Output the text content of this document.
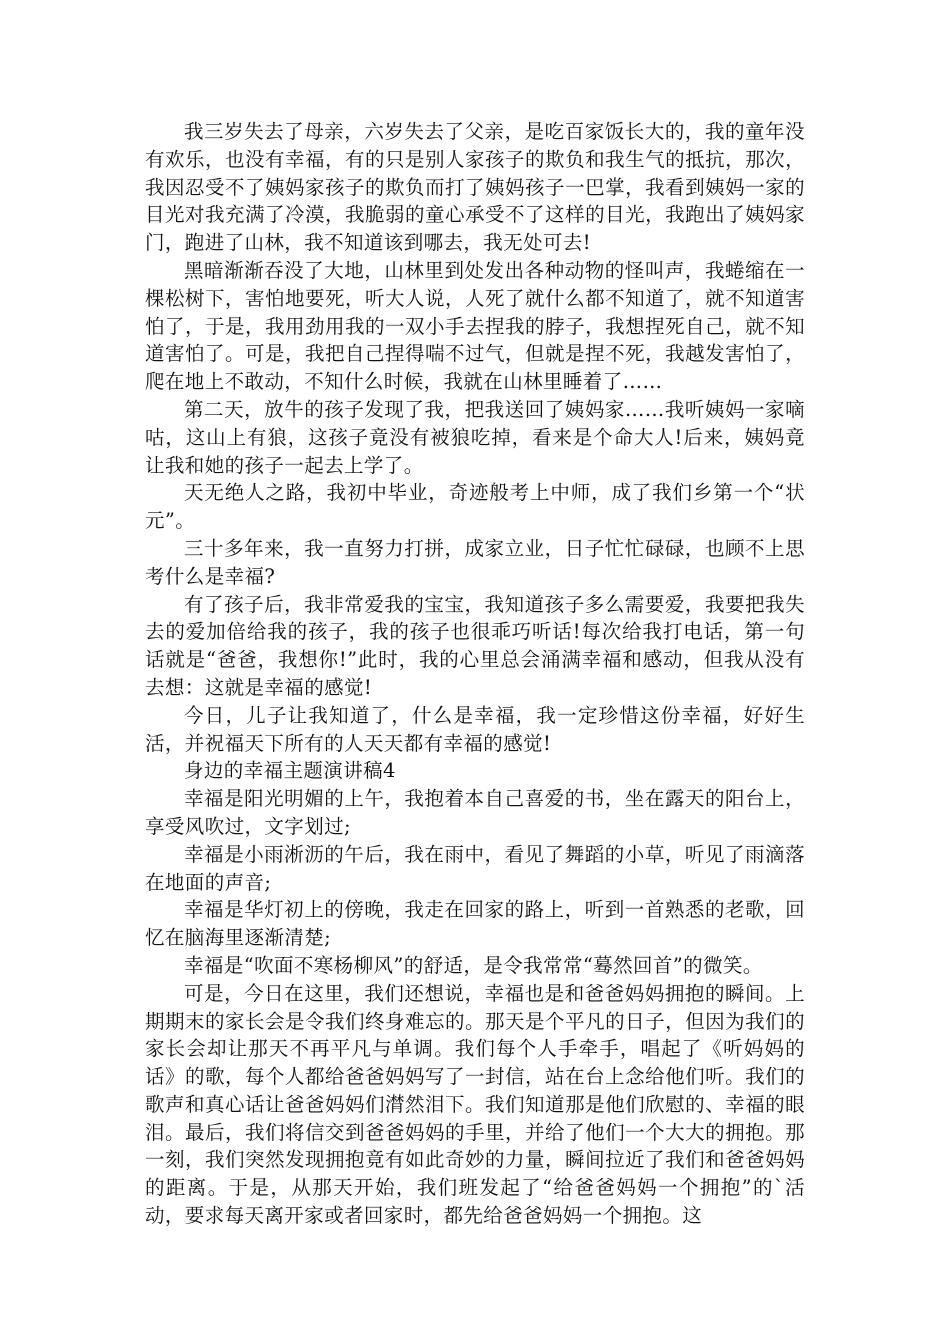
我三岁失去了母亲，六岁失去了父亲，是吃百家饭长大的，我的童年没有欢乐，也没有幸福，有的只是别人家孩子的欺负和我生气的抵抗，那次，我因忍受不了姨妈家孩子的欺负而打了姨妈孩子一巴掌，我看到姨妈一家的目光对我充满了冷漠，我脆弱的童心承受不了这样的目光，我跑出了姨妈家门，跑进了山林，我不知道该到哪去，我无处可去!

黑暗渐渐吞没了大地，山林里到处发出各种动物的怪叫声，我蜷缩在一棵松树下，害怕地要死，听大人说，人死了就什么都不知道了，就不知道害怕了，于是，我用劲用我的一双小手去捏我的脖子，我想捏死自己，就不知道害怕了。可是，我把自己捏得喘不过气，但就是捏不死，我越发害怕了，爬在地上不敢动，不知什么时候，我就在山林里睡着了……

第二天，放牛的孩子发现了我，把我送回了姨妈家……我听姨妈一家嘀咕，这山上有狼，这孩子竟没有被狼吃掉，看来是个命大人!后来，姨妈竟让我和她的孩子一起去上学了。

天无绝人之路，我初中毕业，奇迹般考上中师，成了我们乡第一个“状元”。

三十多年来，我一直努力打拼，成家立业，日子忙忙碌碌，也顾不上思考什么是幸福?

有了孩子后，我非常爱我的宝宝，我知道孩子多么需要爱，我要把我失去的爱加倍给我的孩子，我的孩子也很乖巧听话!每次给我打电话，第一句话就是“爸爸，我想你!”此时，我的心里总会涌满幸福和感动，但我从没有去想：这就是幸福的感觉!

今日，儿子让我知道了，什么是幸福，我一定珍惜这份幸福，好好生活，并祝福天下所有的人天天都有幸福的感觉!

身边的幸福主题演讲稿4

幸福是阳光明媚的上午，我抱着本自己喜爱的书，坐在露天的阳台上，享受风吹过，文字划过;

幸福是小雨淅沥的午后，我在雨中，看见了舞蹈的小草，听见了雨滴落在地面的声音;

幸福是华灯初上的傍晚，我走在回家的路上，听到一首熟悉的老歌，回忆在脑海里逐渐清楚;

幸福是“吹面不寒杨柳风”的舒适，是令我常常“蓦然回首”的微笑。

可是，今日在这里，我们还想说，幸福也是和爸爸妈妈拥抱的瞬间。上期期末的家长会是令我们终身难忘的。那天是个平凡的日子，但因为我们的家长会却让那天不再平凡与单调。我们每个人手牵手，唱起了《听妈妈的话》的歌，每个人都给爸爸妈妈写了一封信，站在台上念给他们听。我们的歌声和真心话让爸爸妈妈们潸然泪下。我们知道那是他们欣慰的、幸福的眼泪。最后，我们将信交到爸爸妈妈的手里，并给了他们一个大大的拥抱。那一刻，我们突然发现拥抱竟有如此奇妙的力量，瞬间拉近了我们和爸爸妈妈的距离。于是，从那天开始，我们班发起了“给爸爸妈妈一个拥抱”的`活动，要求每天离开家或者回家时，都先给爸爸妈妈一个拥抱。这
